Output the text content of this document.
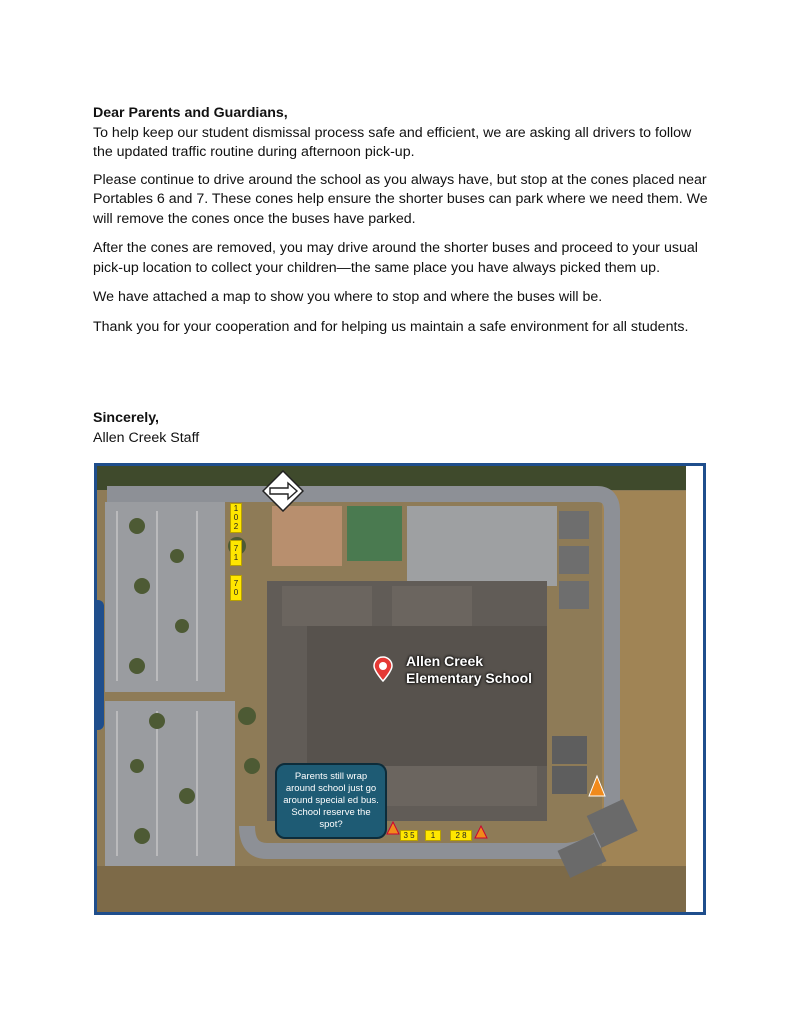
Dear Parents and Guardians,

To help keep our student dismissal process safe and efficient, we are asking all drivers to follow the updated traffic routine during afternoon pick-up.

Please continue to drive around the school as you always have, but stop at the cones placed near Portables 6 and 7. These cones help ensure the shorter buses can park where we need them. We will remove the cones once the buses have parked.

After the cones are removed, you may drive around the shorter buses and proceed to your usual pick-up location to collect your children—the same place you have always picked them up.

We have attached a map to show you where to stop and where the buses will be.

Thank you for your cooperation and for helping us maintain a safe environment for all students.

Sincerely,
Allen Creek Staff
Allen Creek
Elementary School
Parents still wrap around school just go around special ed bus. School reserve the spot?
1
0
2
7
1
7
0
3 5	1	2 8
